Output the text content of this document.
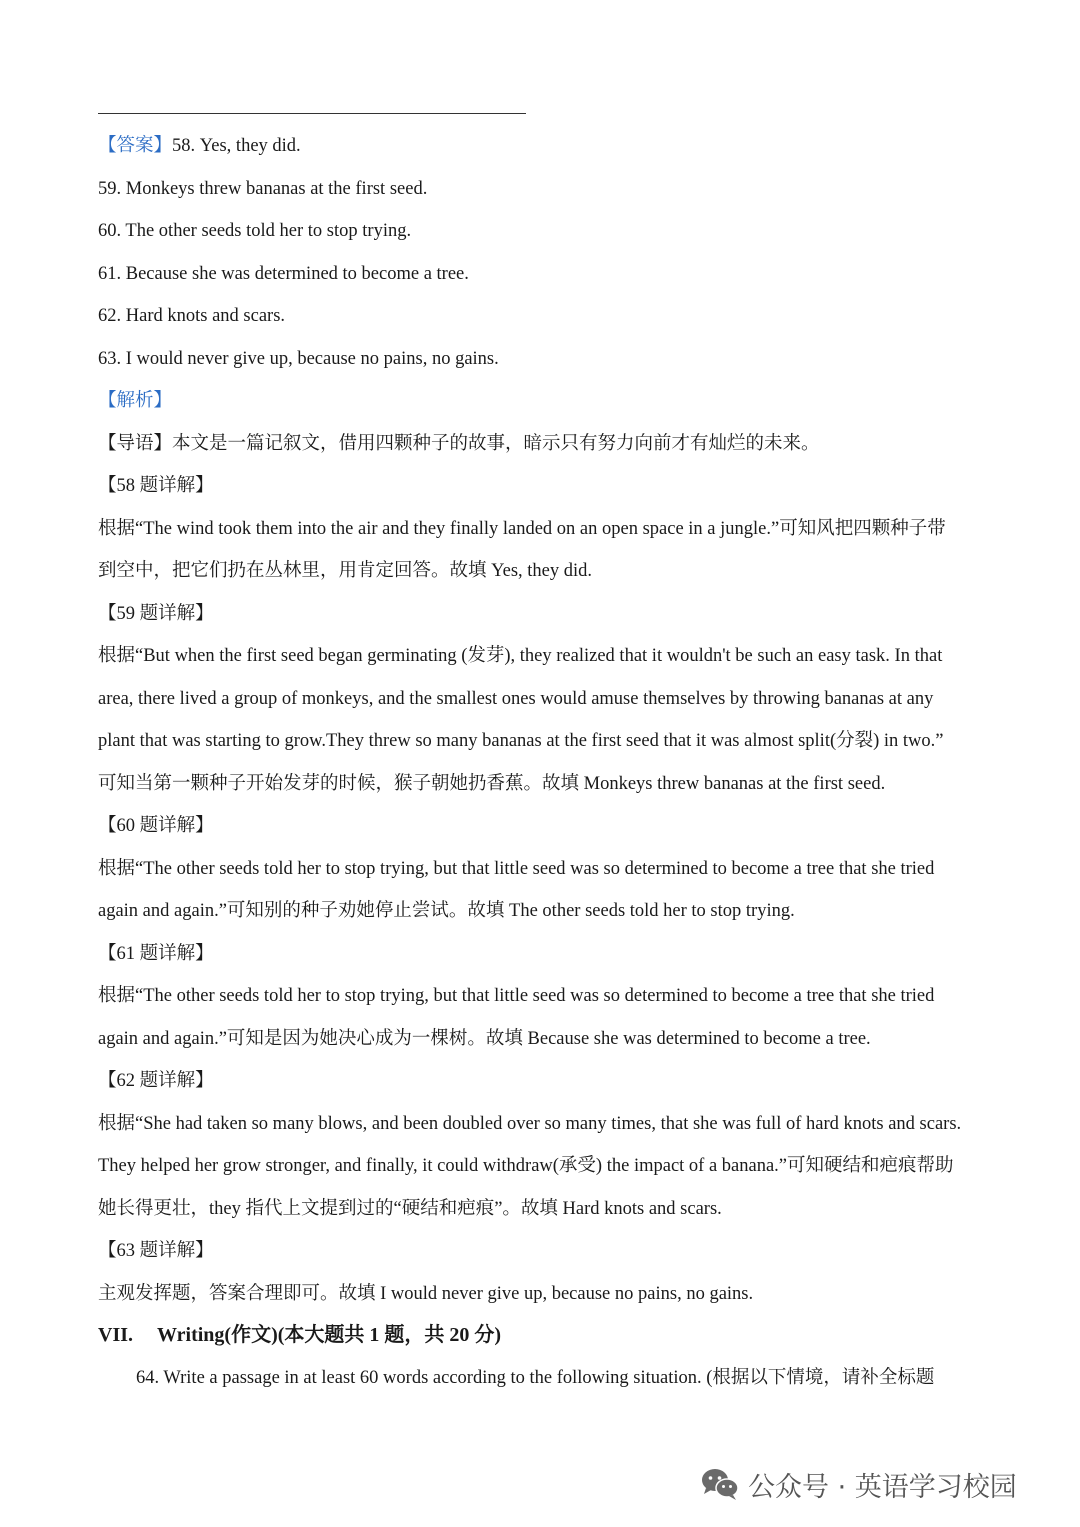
【答案】58. Yes, they did.
59. Monkeys threw bananas at the first seed.
60. The other seeds told her to stop trying.
61. Because she was determined to become a tree.
62. Hard knots and scars.
63. I would never give up, because no pains, no gains.
【解析】
【导语】本文是一篇记叙文，借用四颗种子的故事，暗示只有努力向前才有灿烂的未来。
【58 题详解】
根据“The wind took them into the air and they finally landed on an open space in a jungle.”可知风把四颗种子带
到空中，把它们扔在丛林里，用肯定回答。故填 Yes, they did.
【59 题详解】
根据“But when the first seed began germinating (发芽), they realized that it wouldn't be such an easy task. In that
area, there lived a group of monkeys, and the smallest ones would amuse themselves by throwing bananas at any
plant that was starting to grow.They threw so many bananas at the first seed that it was almost split(分裂) in two.”
可知当第一颗种子开始发芽的时候，猴子朝她扔香蕉。故填 Monkeys threw bananas at the first seed.
【60 题详解】
根据“The other seeds told her to stop trying, but that little seed was so determined to become a tree that she tried
again and again.”可知别的种子劝她停止尝试。故填 The other seeds told her to stop trying.
【61 题详解】
根据“The other seeds told her to stop trying, but that little seed was so determined to become a tree that she tried
again and again.”可知是因为她决心成为一棵树。故填 Because she was determined to become a tree.
【62 题详解】
根据“She had taken so many blows, and been doubled over so many times, that she was full of hard knots and scars.
They helped her grow stronger, and finally, it could withdraw(承受) the impact of a banana.”可知硬结和疤痕帮助
她长得更壮，they 指代上文提到过的“硬结和疤痕”。故填 Hard knots and scars.
【63 题详解】
主观发挥题，答案合理即可。故填 I would never give up, because no pains, no gains.
VII. Writing(作文)(本大题共 1 题，共 20 分)
64. Write a passage in at least 60 words according to the following situation. (根据以下情境，请补全标题
公众号 · 英语学习校园
